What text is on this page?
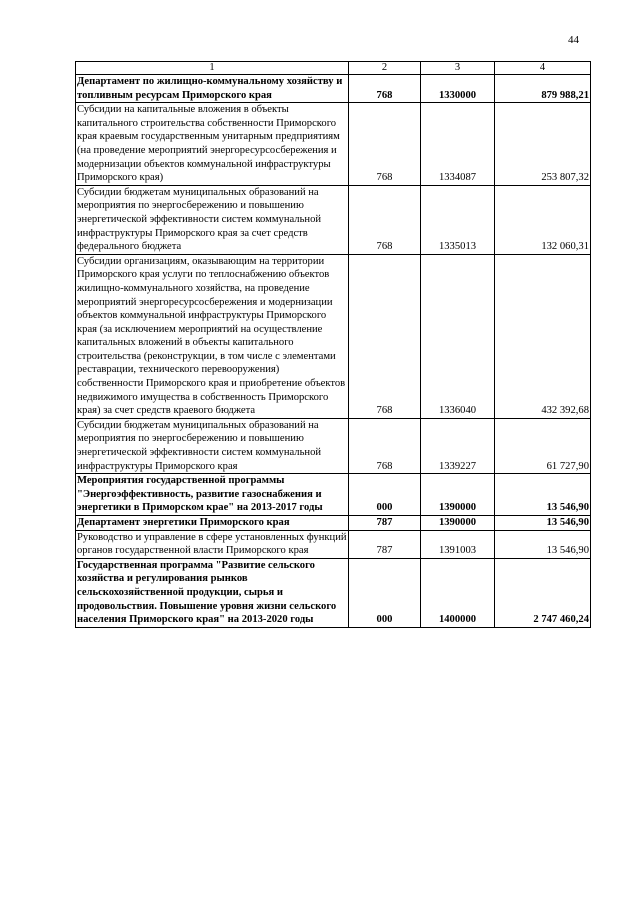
44
1	2	3	4
Департамент по жилищно-коммунальному хозяйству и топливным ресурсам Приморского края	768	1330000	879 988,21
Субсидии на капитальные вложения в объекты капитального строительства собственности Приморского края краевым государственным унитарным предприятиям (на проведение мероприятий энергоресурсосбережения и модернизации объектов коммунальной инфраструктуры Приморского края)	768	1334087	253 807,32
Субсидии бюджетам муниципальных образований на мероприятия по энергосбережению и повышению энергетической эффективности систем коммунальной инфраструктуры Приморского края за счет средств федерального бюджета	768	1335013	132 060,31
Субсидии организациям, оказывающим на территории Приморского края услуги по теплоснабжению объектов жилищно-коммунального хозяйства, на проведение мероприятий энергоресурсосбережения и модернизации объектов коммунальной инфраструктуры Приморского края (за исключением мероприятий на осуществление капитальных вложений в объекты капитального строительства (реконструкции, в том числе с элементами реставрации, технического перевооружения) собственности Приморского края и приобретение объектов недвижимого имущества в собственность Приморского края) за счет средств краевого бюджета	768	1336040	432 392,68
Субсидии бюджетам муниципальных образований на мероприятия по энергосбережению и повышению энергетической эффективности систем коммунальной инфраструктуры Приморского края	768	1339227	61 727,90
Мероприятия государственной программы "Энергоэффективность, развитие газоснабжения и энергетики в Приморском крае" на 2013-2017 годы	000	1390000	13 546,90
Департамент энергетики Приморского края	787	1390000	13 546,90
Руководство и управление в сфере установленных функций органов государственной власти Приморского края	787	1391003	13 546,90
Государственная программа "Развитие сельского хозяйства и регулирования рынков сельскохозяйственной продукции, сырья и продовольствия. Повышение уровня жизни сельского населения Приморского края" на 2013-2020 годы	000	1400000	2 747 460,24
